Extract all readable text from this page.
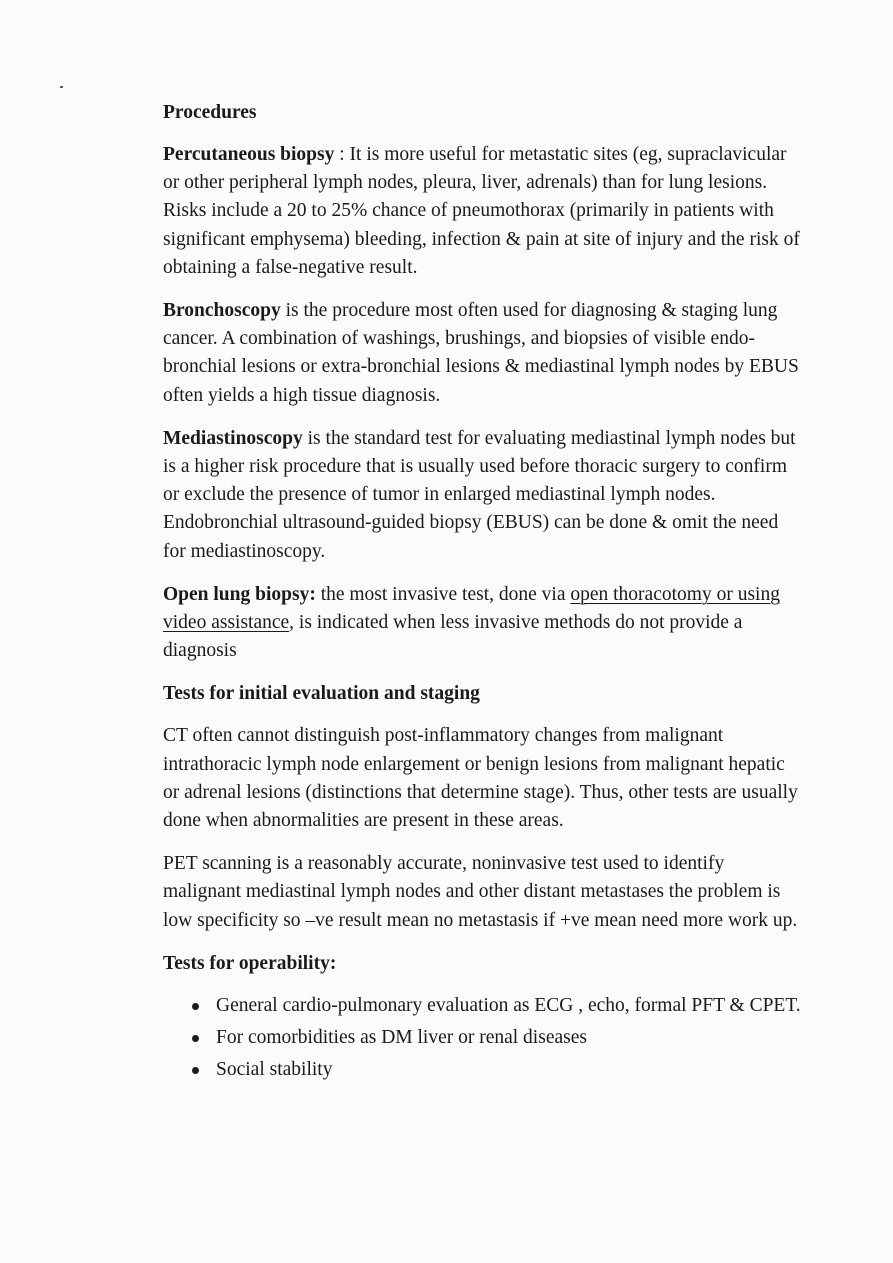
Procedures

Percutaneous biopsy : It is more useful for metastatic sites (eg, supraclavicular or other peripheral lymph nodes, pleura, liver, adrenals) than for lung lesions. Risks include a 20 to 25% chance of pneumothorax (primarily in patients with significant emphysema) bleeding, infection & pain at site of injury and the risk of obtaining a false-negative result.

Bronchoscopy is the procedure most often used for diagnosing & staging lung cancer. A combination of washings, brushings, and biopsies of visible endo-bronchial lesions or extra-bronchial lesions & mediastinal lymph nodes by EBUS often yields a high tissue diagnosis.

Mediastinoscopy is the standard test for evaluating mediastinal lymph nodes but is a higher risk procedure that is usually used before thoracic surgery to confirm or exclude the presence of tumor in enlarged mediastinal lymph nodes. Endobronchial ultrasound-guided biopsy (EBUS) can be done & omit the need for mediastinoscopy.

Open lung biopsy: the most invasive test, done via open thoracotomy or using video assistance, is indicated when less invasive methods do not provide a diagnosis

Tests for initial evaluation and staging

CT often cannot distinguish post-inflammatory changes from malignant intrathoracic lymph node enlargement or benign lesions from malignant hepatic or adrenal lesions (distinctions that determine stage). Thus, other tests are usually done when abnormalities are present in these areas.

PET scanning is a reasonably accurate, noninvasive test used to identify malignant mediastinal lymph nodes and other distant metastases the problem is low specificity so –ve result mean no metastasis if +ve mean need more work up.

Tests for operability:
General cardio-pulmonary evaluation as ECG , echo, formal PFT & CPET.
For comorbidities as DM liver or renal diseases
Social stability
